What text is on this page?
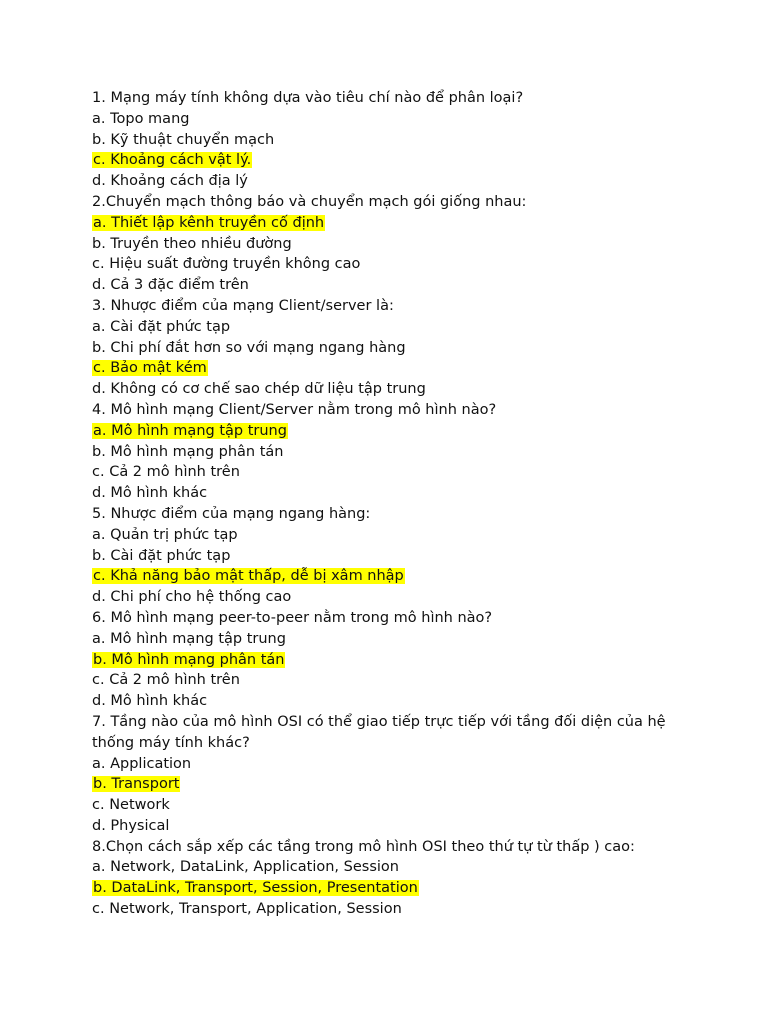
1. Mạng máy tính không dựa vào tiêu chí nào để phân loại?
a. Topo mang
b. Kỹ thuật chuyển mạch
c. Khoảng cách vật lý.
d. Khoảng cách địa lý
2.Chuyển mạch thông báo và chuyển mạch gói giống nhau:
a. Thiết lập kênh truyền cố định
b. Truyền theo nhiều đường
c. Hiệu suất đường truyền không cao
d. Cả 3 đặc điểm trên
3. Nhược điểm của mạng Client/server là:
a. Cài đặt phức tạp
b. Chi phí đắt hơn so với mạng ngang hàng
c. Bảo mật kém
d. Không có cơ chế sao chép dữ liệu tập trung
4. Mô hình mạng Client/Server nằm trong mô hình nào?
a. Mô hình mạng tập trung
b. Mô hình mạng phân tán
c. Cả 2 mô hình trên
d. Mô hình khác
5. Nhược điểm của mạng ngang hàng:
a. Quản trị phức tạp
b. Cài đặt phức tạp
c. Khả năng bảo mật thấp, dễ bị xâm nhập
d. Chi phí cho hệ thống cao
6. Mô hình mạng peer-to-peer nằm trong mô hình nào?
a. Mô hình mạng tập trung
b. Mô hình mạng phân tán
c. Cả 2 mô hình trên
d. Mô hình khác
7. Tầng nào của mô hình OSI có thể giao tiếp trực tiếp với tầng đối diện của hệ
thống máy tính khác?
a. Application
b. Transport
c. Network
d. Physical
8.Chọn cách sắp xếp các tầng trong mô hình OSI theo thứ tự từ thấp ) cao:
a. Network, DataLink, Application, Session
b. DataLink, Transport, Session, Presentation
c. Network, Transport, Application, Session
